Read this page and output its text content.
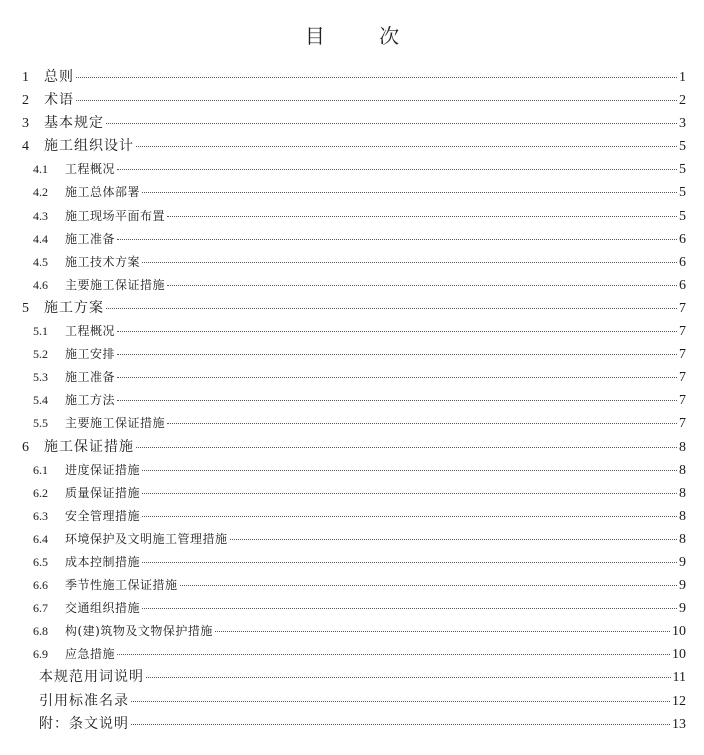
目 次
1	总则	1
2	术语	2
3	基本规定	3
4	施工组织设计	5
4.1	工程概况	5
4.2	施工总体部署	5
4.3	施工现场平面布置	5
4.4	施工准备	6
4.5	施工技术方案	6
4.6	主要施工保证措施	6
5	施工方案	7
5.1	工程概况	7
5.2	施工安排	7
5.3	施工准备	7
5.4	施工方法	7
5.5	主要施工保证措施	7
6	施工保证措施	8
6.1	进度保证措施	8
6.2	质量保证措施	8
6.3	安全管理措施	8
6.4	环境保护及文明施工管理措施	8
6.5	成本控制措施	9
6.6	季节性施工保证措施	9
6.7	交通组织措施	9
6.8	构(建)筑物及文物保护措施	10
6.9	应急措施	10
本规范用词说明	11
引用标准名录	12
附：条文说明	13
